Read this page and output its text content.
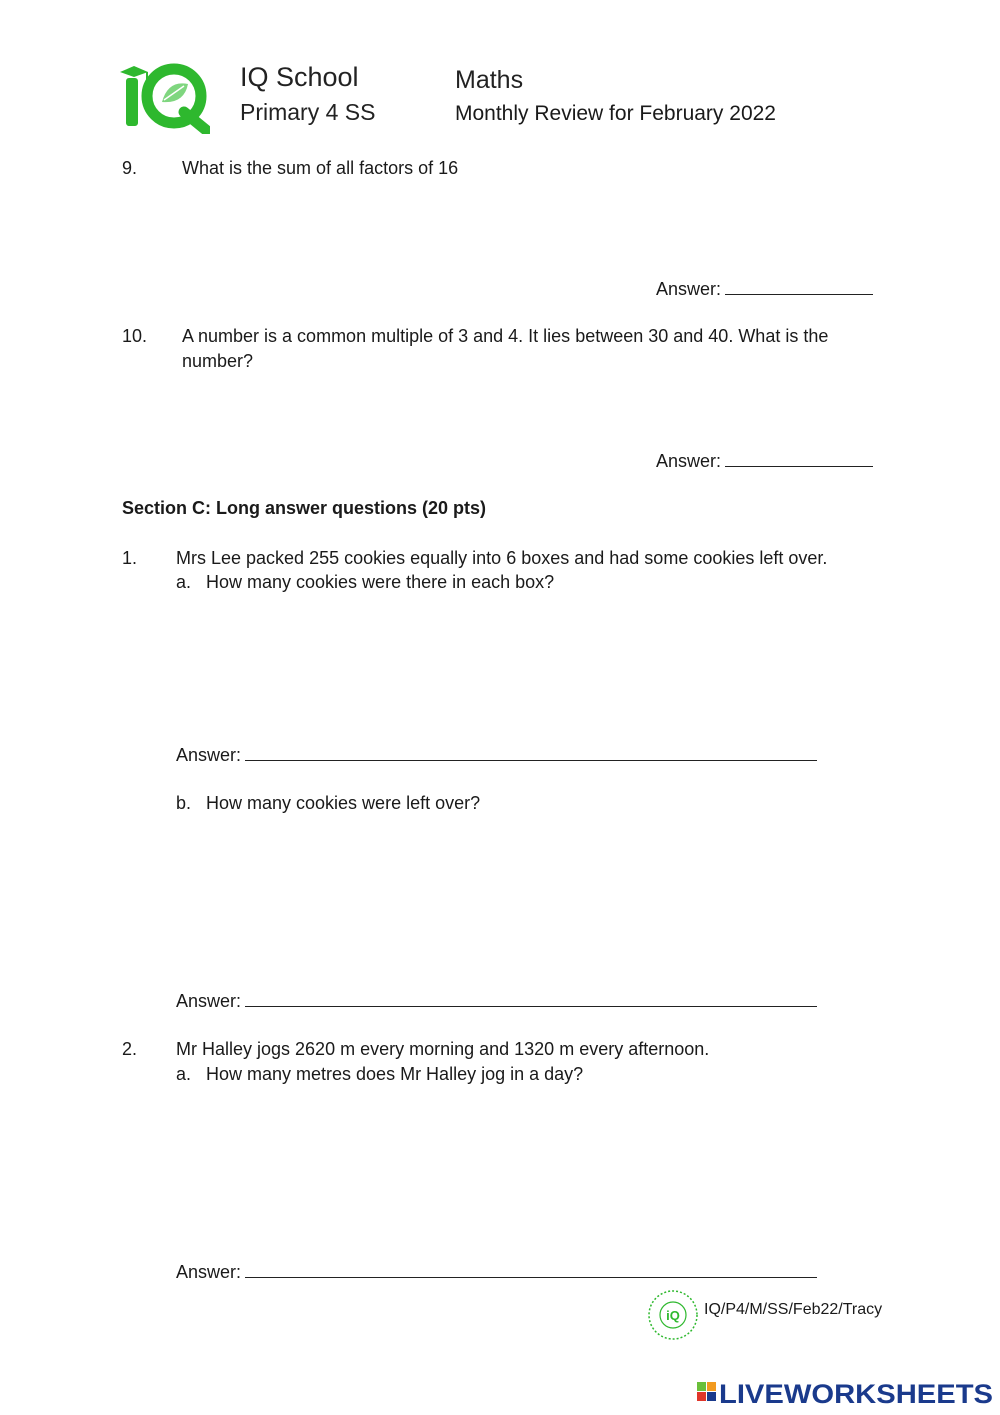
IQ School
Primary 4 SS
Maths
Monthly Review for February 2022
9. What is the sum of all factors of 16
Answer:
10. A number is a common multiple of 3 and 4. It lies between 30 and 40. What is the
number?
Answer:
Section C: Long answer questions (20 pts)
1. Mrs Lee packed 255 cookies equally into 6 boxes and had some cookies left over.
a. How many cookies were there in each box?
Answer:
b. How many cookies were left over?
Answer:
2. Mr Halley jogs 2620 m every morning and 1320 m every afternoon.
a. How many metres does Mr Halley jog in a day?
Answer:
iQ IQ/P4/M/SS/Feb22/Tracy
LIVEWORKSHEETS
